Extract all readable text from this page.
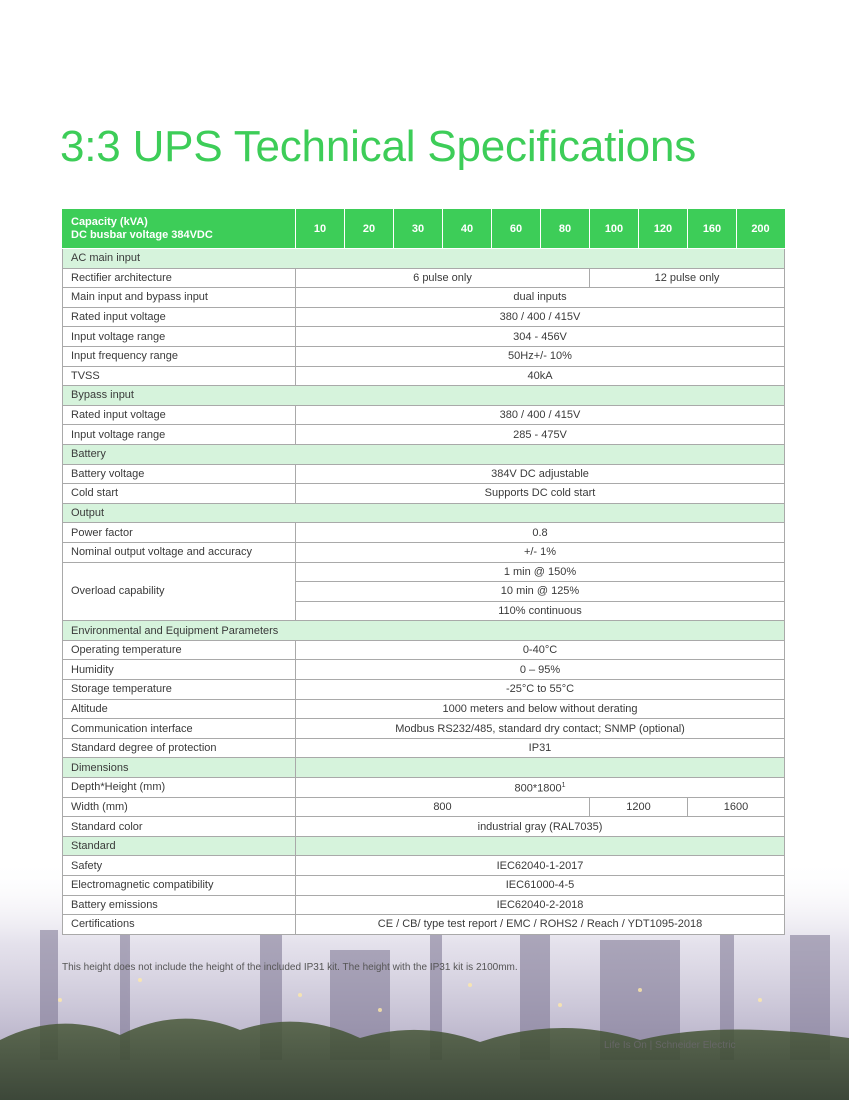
3:3 UPS Technical Specifications
Capacity (kVA)
DC busbar voltage 384VDC	10	20	30	40	60	80	100	120	160	200
AC main input										
Rectifier architecture	6 pulse only						12 pulse only			
Main input and bypass input	dual inputs									
Rated input voltage	380 / 400 / 415V									
Input voltage range	304 - 456V									
Input frequency range	50Hz+/- 10%									
TVSS	40kA									
Bypass input										
Rated input voltage	380 / 400 / 415V									
Input voltage range	285 - 475V									
Battery										
Battery voltage	384V DC adjustable									
Cold start	Supports DC cold start									
Output										
Power factor	0.8									
Nominal output voltage and accuracy	+/- 1%									
Overload capability	1 min @ 150%									
	10 min @ 125%									
	110% continuous									
Environmental and Equipment Parameters										
Operating temperature	0-40°C									
Humidity	0 – 95%									
Storage temperature	-25°C to 55°C									
Altitude	1000 meters and below without derating									
Communication interface	Modbus RS232/485, standard dry contact; SNMP (optional)									
Standard degree of protection	IP31									
Dimensions										
Depth*Height (mm)	800*1800$^1$
Width (mm)	800						1200		1600	
Standard color	industrial gray (RAL7035)									
Standard										
Safety	IEC62040-1-2017									
Electromagnetic compatibility	IEC61000-4-5									
Battery emissions	IEC62040-2-2018									
Certifications	CE / CB/ type test report / EMC / ROHS2 / Reach / YDT1095-2018									
This height does not include the height of the included IP31 kit. The height with the IP31 kit is 2100mm.
Life Is On | Schneider Electric
